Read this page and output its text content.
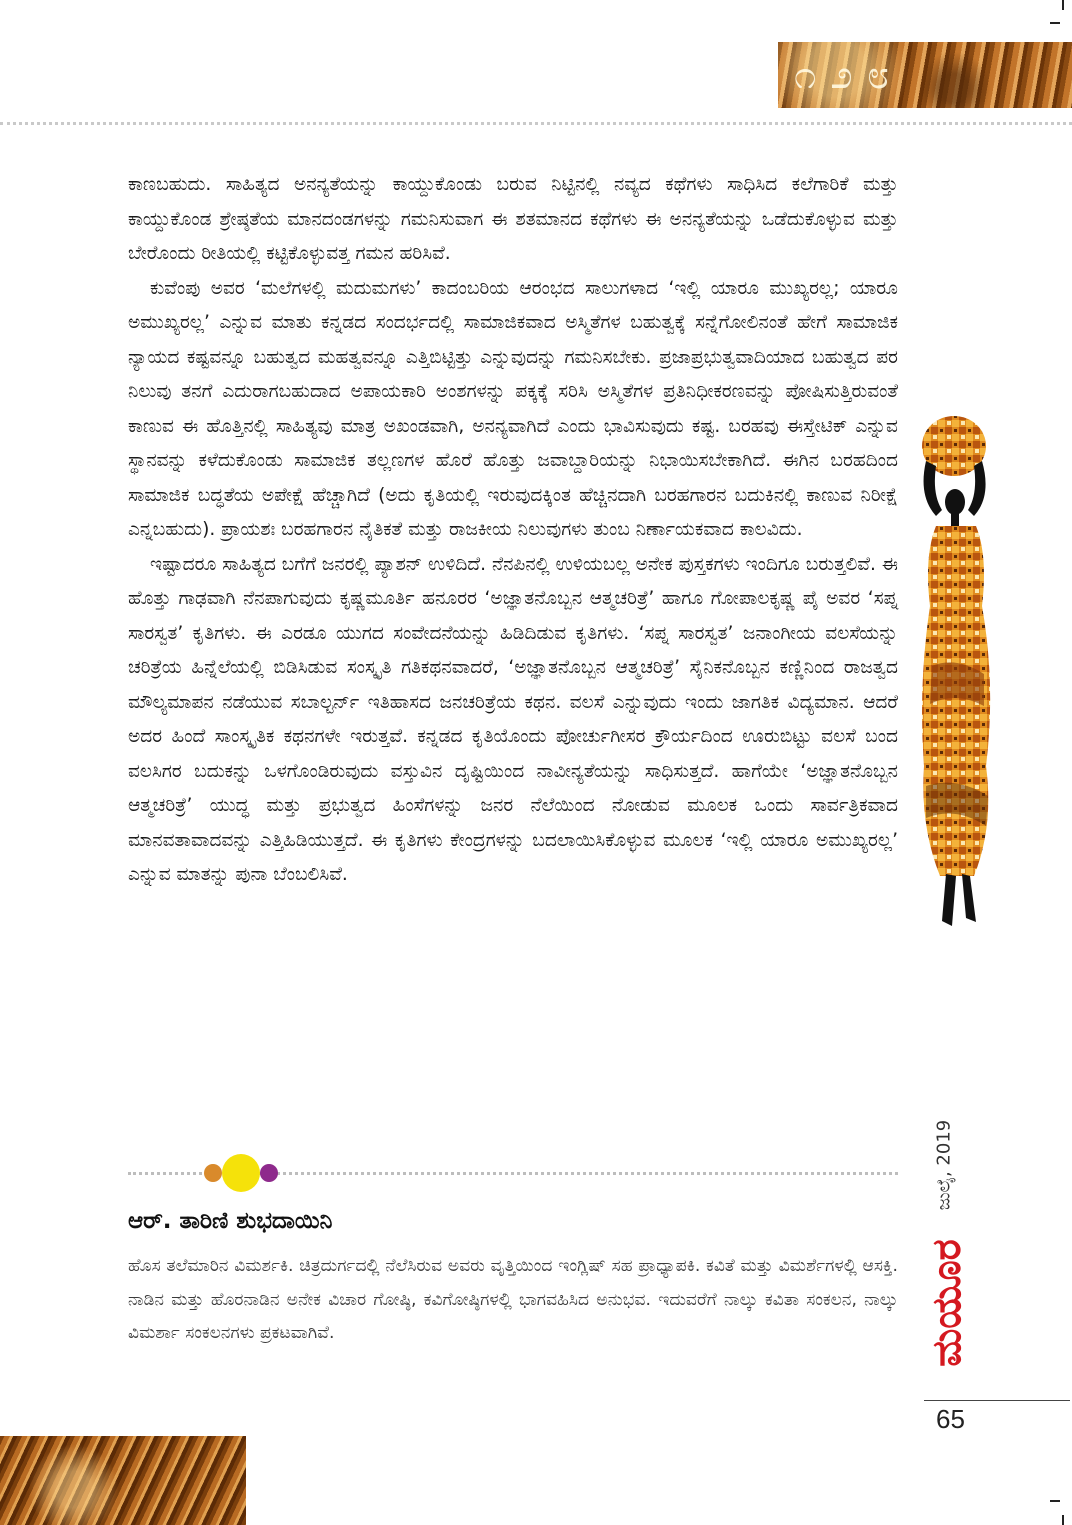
೧೨೮

ಕಾಣಬಹುದು. ಸಾಹಿತ್ಯದ ಅನನ್ಯತೆಯನ್ನು ಕಾಯ್ದುಕೊಂಡು ಬರುವ ನಿಟ್ಟಿನಲ್ಲಿ ನವ್ಯದ ಕಥೆಗಳು ಸಾಧಿಸಿದ ಕಲೆಗಾರಿಕೆ ಮತ್ತು ಕಾಯ್ದುಕೊಂಡ ಶ್ರೇಷ್ಠತೆಯ ಮಾನದಂಡಗಳನ್ನು ಗಮನಿಸುವಾಗ ಈ ಶತಮಾನದ ಕಥೆಗಳು ಈ ಅನನ್ಯತೆಯನ್ನು ಒಡೆದುಕೊಳ್ಳುವ ಮತ್ತು ಬೇರೊಂದು ರೀತಿಯಲ್ಲಿ ಕಟ್ಟಿಕೊಳ್ಳುವತ್ತ ಗಮನ ಹರಿಸಿವೆ.

ಕುವೆಂಪು ಅವರ ‘ಮಲೆಗಳಲ್ಲಿ ಮದುಮಗಳು’ ಕಾದಂಬರಿಯ ಆರಂಭದ ಸಾಲುಗಳಾದ ‘ಇಲ್ಲಿ ಯಾರೂ ಮುಖ್ಯರಲ್ಲ; ಯಾರೂ ಅಮುಖ್ಯರಲ್ಲ’ ಎನ್ನುವ ಮಾತು ಕನ್ನಡದ ಸಂದರ್ಭದಲ್ಲಿ ಸಾಮಾಜಿಕವಾದ ಅಸ್ಮಿತೆಗಳ ಬಹುತ್ವಕ್ಕೆ ಸನ್ನೆಗೋಲಿನಂತೆ ಹೇಗೆ ಸಾಮಾಜಿಕ ನ್ಯಾಯದ ಕಷ್ಟವನ್ನೂ ಬಹುತ್ವದ ಮಹತ್ವವನ್ನೂ ಎತ್ತಿಬಿಟ್ಟಿತ್ತು ಎನ್ನುವುದನ್ನು ಗಮನಿಸಬೇಕು. ಪ್ರಜಾಪ್ರಭುತ್ವವಾದಿಯಾದ ಬಹುತ್ವದ ಪರ ನಿಲುವು ತನಗೆ ಎದುರಾಗಬಹುದಾದ ಅಪಾಯಕಾರಿ ಅಂಶಗಳನ್ನು ಪಕ್ಕಕ್ಕೆ ಸರಿಸಿ ಅಸ್ಮಿತೆಗಳ ಪ್ರತಿನಿಧೀಕರಣವನ್ನು ಪೋಷಿಸುತ್ತಿರುವಂತೆ ಕಾಣುವ ಈ ಹೊತ್ತಿನಲ್ಲಿ ಸಾಹಿತ್ಯವು ಮಾತ್ರ ಅಖಂಡವಾಗಿ, ಅನನ್ಯವಾಗಿದೆ ಎಂದು ಭಾವಿಸುವುದು ಕಷ್ಟ. ಬರಹವು ಈಸ್ತೇಟಿಕ್ ಎನ್ನುವ ಸ್ಥಾನವನ್ನು ಕಳೆದುಕೊಂಡು ಸಾಮಾಜಿಕ ತಲ್ಲಣಗಳ ಹೊರೆ ಹೊತ್ತು ಜವಾಬ್ದಾರಿಯನ್ನು ನಿಭಾಯಿಸಬೇಕಾಗಿದೆ. ಈಗಿನ ಬರಹದಿಂದ ಸಾಮಾಜಿಕ ಬದ್ಧತೆಯ ಅಪೇಕ್ಷೆ ಹೆಚ್ಚಾಗಿದೆ (ಅದು ಕೃತಿಯಲ್ಲಿ ಇರುವುದಕ್ಕಿಂತ ಹೆಚ್ಚಿನದಾಗಿ ಬರಹಗಾರನ ಬದುಕಿನಲ್ಲಿ ಕಾಣುವ ನಿರೀಕ್ಷೆ ಎನ್ನಬಹುದು). ಪ್ರಾಯಶಃ ಬರಹಗಾರನ ನೈತಿಕತೆ ಮತ್ತು ರಾಜಕೀಯ ನಿಲುವುಗಳು ತುಂಬ ನಿರ್ಣಾಯಕವಾದ ಕಾಲವಿದು.

ಇಷ್ಟಾದರೂ ಸಾಹಿತ್ಯದ ಬಗೆಗೆ ಜನರಲ್ಲಿ ಪ್ಯಾಶನ್ ಉಳಿದಿದೆ. ನೆನಪಿನಲ್ಲಿ ಉಳಿಯಬಲ್ಲ ಅನೇಕ ಪುಸ್ತಕಗಳು ಇಂದಿಗೂ ಬರುತ್ತಲಿವೆ. ಈ ಹೊತ್ತು ಗಾಢವಾಗಿ ನೆನಪಾಗುವುದು ಕೃಷ್ಣಮೂರ್ತಿ ಹನೂರರ ‘ಅಜ್ಞಾತನೊಬ್ಬನ ಆತ್ಮಚರಿತ್ರೆ’ ಹಾಗೂ ಗೋಪಾಲಕೃಷ್ಣ ಪೈ ಅವರ ‘ಸಪ್ನ ಸಾರಸ್ವತ’ ಕೃತಿಗಳು. ಈ ಎರಡೂ ಯುಗದ ಸಂವೇದನೆಯನ್ನು ಹಿಡಿದಿಡುವ ಕೃತಿಗಳು. ‘ಸಪ್ನ ಸಾರಸ್ವತ’ ಜನಾಂಗೀಯ ವಲಸೆಯನ್ನು ಚರಿತ್ರೆಯ ಹಿನ್ನೆಲೆಯಲ್ಲಿ ಬಿಡಿಸಿಡುವ ಸಂಸ್ಕೃತಿ ಗತಿಕಥನವಾದರೆ, ‘ಅಜ್ಞಾತನೊಬ್ಬನ ಆತ್ಮಚರಿತ್ರೆ’ ಸೈನಿಕನೊಬ್ಬನ ಕಣ್ಣಿನಿಂದ ರಾಜತ್ವದ ಮೌಲ್ಯಮಾಪನ ನಡೆಯುವ ಸಬಾಲ್ಟರ್ನ್ ಇತಿಹಾಸದ ಜನಚರಿತ್ರೆಯ ಕಥನ. ವಲಸೆ ಎನ್ನುವುದು ಇಂದು ಜಾಗತಿಕ ವಿದ್ಯಮಾನ. ಆದರೆ ಅದರ ಹಿಂದೆ ಸಾಂಸ್ಕೃತಿಕ ಕಥನಗಳೇ ಇರುತ್ತವೆ. ಕನ್ನಡದ ಕೃತಿಯೊಂದು ಪೋರ್ಚುಗೀಸರ ಕ್ರೌರ್ಯದಿಂದ ಊರುಬಿಟ್ಟು ವಲಸೆ ಬಂದ ವಲಸಿಗರ ಬದುಕನ್ನು ಒಳಗೊಂಡಿರುವುದು ವಸ್ತುವಿನ ದೃಷ್ಟಿಯಿಂದ ನಾವೀನ್ಯತೆಯನ್ನು ಸಾಧಿಸುತ್ತದೆ. ಹಾಗೆಯೇ ‘ಅಜ್ಞಾತನೊಬ್ಬನ ಆತ್ಮಚರಿತ್ರೆ’ ಯುದ್ಧ ಮತ್ತು ಪ್ರಭುತ್ವದ ಹಿಂಸೆಗಳನ್ನು ಜನರ ನೆಲೆಯಿಂದ ನೋಡುವ ಮೂಲಕ ಒಂದು ಸಾರ್ವತ್ರಿಕವಾದ ಮಾನವತಾವಾದವನ್ನು ಎತ್ತಿಹಿಡಿಯುತ್ತದೆ. ಈ ಕೃತಿಗಳು ಕೇಂದ್ರಗಳನ್ನು ಬದಲಾಯಿಸಿಕೊಳ್ಳುವ ಮೂಲಕ ‘ಇಲ್ಲಿ ಯಾರೂ ಅಮುಖ್ಯರಲ್ಲ’ ಎನ್ನುವ ಮಾತನ್ನು ಪುನಾ ಬೆಂಬಲಿಸಿವೆ.

ಆರ್. ತಾರಿಣಿ ಶುಭದಾಯಿನಿ
ಹೊಸ ತಲೆಮಾರಿನ ವಿಮರ್ಶಕಿ. ಚಿತ್ರದುರ್ಗದಲ್ಲಿ ನೆಲೆಸಿರುವ ಅವರು ವೃತ್ತಿಯಿಂದ ಇಂಗ್ಲಿಷ್ ಸಹ ಪ್ರಾಧ್ಯಾಪಕಿ. ಕವಿತೆ ಮತ್ತು ವಿಮರ್ಶೆಗಳಲ್ಲಿ ಆಸಕ್ತಿ. ನಾಡಿನ ಮತ್ತು ಹೊರನಾಡಿನ ಅನೇಕ ವಿಚಾರ ಗೋಷ್ಠಿ, ಕವಿಗೋಷ್ಠಿಗಳಲ್ಲಿ ಭಾಗವಹಿಸಿದ ಅನುಭವ. ಇದುವರೆಗೆ ನಾಲ್ಕು ಕವಿತಾ ಸಂಕಲನ, ನಾಲ್ಕು ವಿಮರ್ಶಾ ಸಂಕಲನಗಳು ಪ್ರಕಟವಾಗಿವೆ.
ಜುಲೈ, 2019
ಮಯೂರ
65
